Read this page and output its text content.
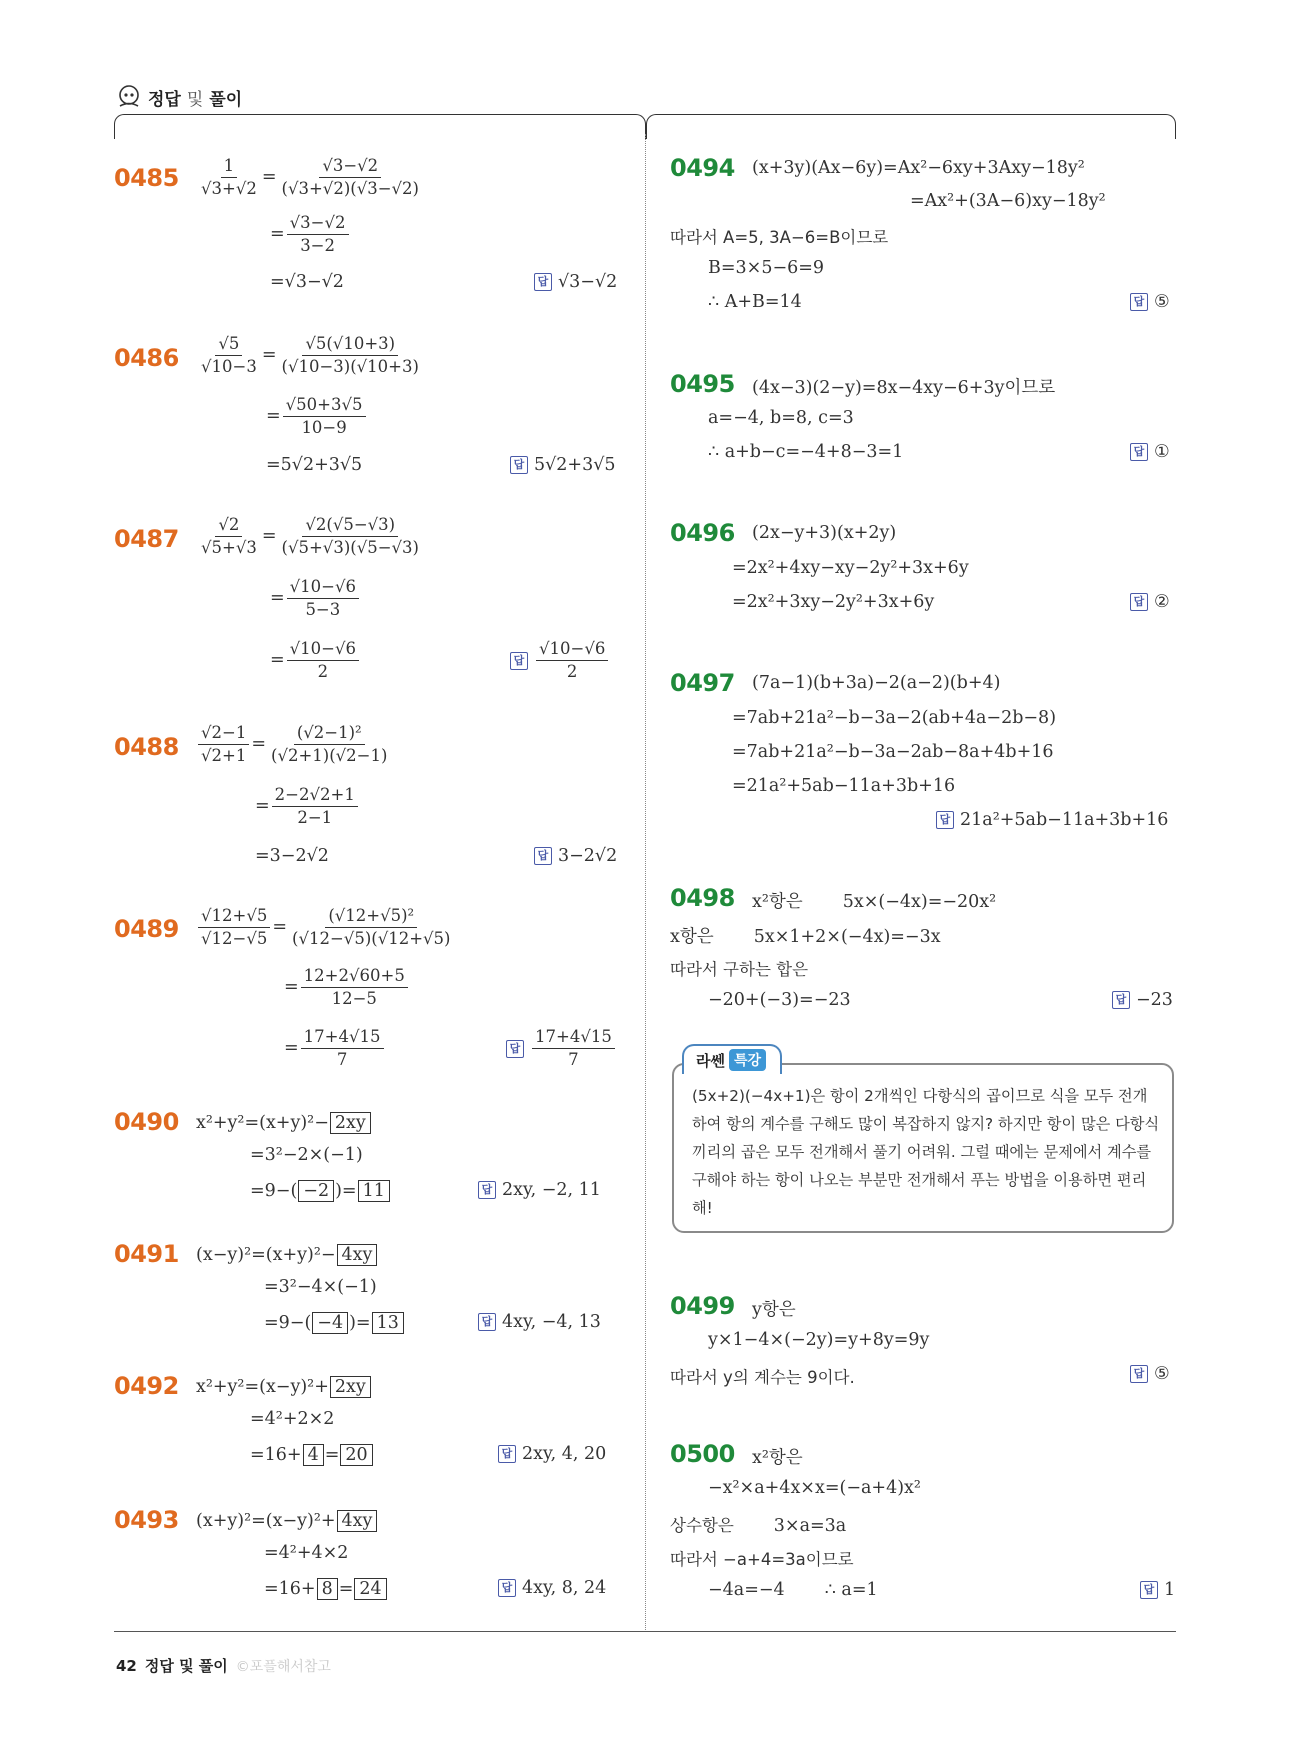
정답 및 풀이
$0485 \frac{1}{√3+√2} = \frac{√3-√2}{(√3+√2)(√3-√2)}$
= $\frac{√3-√2}{3-2}$
=√3−√2	답 √3−√2
$0486 \frac{√5}{√10-3} = \frac{√5(√10+3)}{(√10-3)(√10+3)}$
= $\frac{√50+3√5}{10-9}$
=5√2+3√5	답 5√2+3√5
$0487 \frac{√2}{√5+√3} = \frac{√2(√5-√3)}{(√5+√3)(√5-√3)}$
= $\frac{√10-√6}{5-3}$
= $\frac{√10-√6}{2}$	답 $\frac{√10-√6}{2}$
$0488 \frac{√2-1}{√2+1} = \frac{\text{(√2−1)²}}{(√2+1)(√2-1)}$
= $\frac{2-2√2+1}{2-1}$
=3−2√2	답 3−2√2
$0489 \frac{√12+√5}{√12-√5} = \frac{\text{(√12+√5)²}}{(√12-√5)(√12+√5)}$
= $\frac{12+2√60+5}{12-5}$
= $\frac{17+4√15}{7}$	답 $\frac{17+4√15}{7}$
0490 x²+y²=(x+y)²− 2xy
=3²−2×(−1)
=9−( −2 )= 11	답 2xy, −2, 11
0491 (x−y)²=(x+y)²− 4xy
=3²−4×(−1)
=9−( −4 )= 13	답 4xy, −4, 13
0492 x²+y²=(x−y)²+ 2xy
=4²+2×2
=16+ 4 = 20	답 2xy, 4, 20
0493 (x+y)²=(x−y)²+ 4xy
=4²+4×2
=16+ 8 = 24	답 4xy, 8, 24
0494 (x+3y)(Ax−6y)=Ax²−6xy+3Axy−18y²
=Ax²+(3A−6)xy−18y²
따라서 A=5, 3A−6=B이므로
B=3×5−6=9
∴ A+B=14	답 ⑤
0495 (4x−3)(2−y)=8x−4xy−6+3y이므로
a=−4, b=8, c=3
∴ a+b−c=−4+8−3=1	답 ①
0496 (2x−y+3)(x+2y)
=2x²+4xy−xy−2y²+3x+6y
=2x²+3xy−2y²+3x+6y	답 ②
0497 (7a−1)(b+3a)−2(a−2)(b+4)
=7ab+21a²−b−3a−2(ab+4a−2b−8)
=7ab+21a²−b−3a−2ab−8a+4b+16
=21a²+5ab−11a+3b+16
답 21a²+5ab−11a+3b+16
0498 x²항은 5x×(−4x)=−20x²
x항은 5x×1+2×(−4x)=−3x
따라서 구하는 합은
−20+(−3)=−23	답 −23
라쎈 특강
(5x+2)(−4x+1)은 항이 2개씩인 다항식의 곱이므로 식을 모두 전개하여 항의 계수를 구해도 많이 복잡하지 않지? 하지만 항이 많은 다항식끼리의 곱은 모두 전개해서 풀기 어려워. 그럴 때에는 문제에서 계수를 구해야 하는 항이 나오는 부분만 전개해서 푸는 방법을 이용하면 편리해!
0499 y항은
y×1−4×(−2y)=y+8y=9y
따라서 y의 계수는 9이다.	답 ⑤
0500 x²항은
−x²×a+4x×x=(−a+4)x²
상수항은 3×a=3a
따라서 −a+4=3a이므로
−4a=−4 ∴ a=1	답 1
42 정답 및 풀이 ©포플해서참고
